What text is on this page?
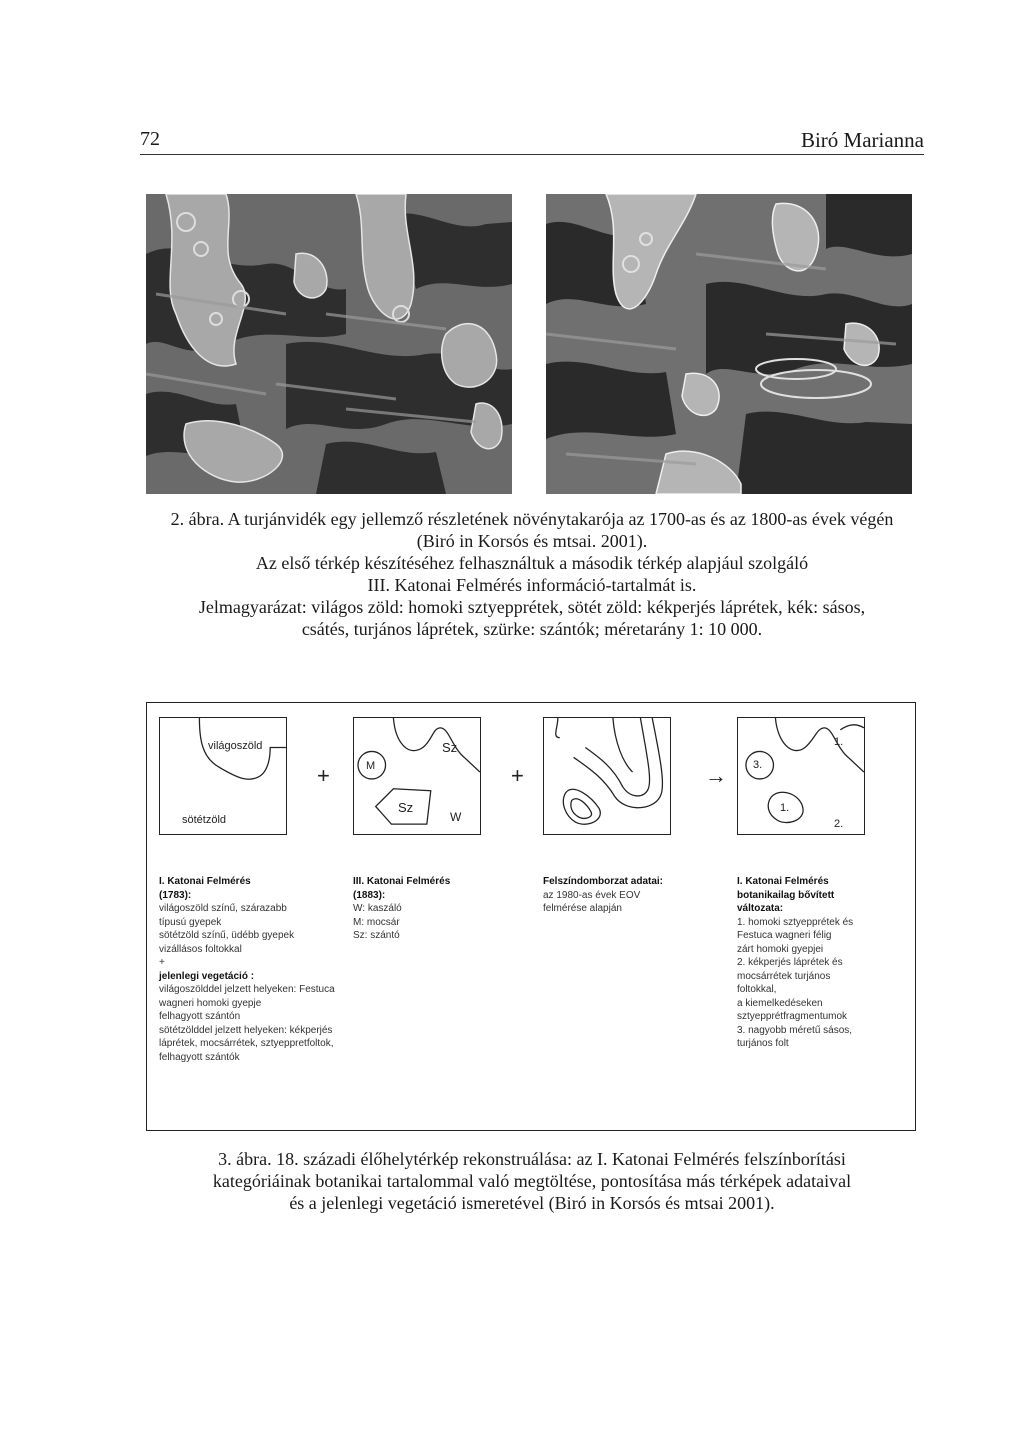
72	Biró Marianna

2. ábra. A turjánvidék egy jellemző részletének növénytakarója az 1700-as és az 1800-as évek végén

(Biró in Korsós és mtsai. 2001).

Az első térkép készítéséhez felhasználtuk a második térkép alapjául szolgáló

III. Katonai Felmérés információ-tartalmát is.

Jelmagyarázat: világos zöld: homoki sztyepprétek, sötét zöld: kékperjés láprétek, kék: sásos,

csátés, turjános láprétek, szürke: szántók; méretarány 1: 10 000.

világoszöld
sötétzöld
+	M
Sz
Sz
W
+	→ 3.
1.
1.
2.
I. Katonai Felmérés
(1783):
világoszöld színű, szárazabb
típusú gyepek
sötétzöld színű, üdébb gyepek
vizállásos foltokkal
+
jelenlegi vegetáció :
világoszölddel jelzett helyeken: Festuca
wagneri homoki gyepje
felhagyott szántón
sötétzölddel jelzett helyeken: kékperjés
láprétek, mocsárrétek, sztyeppretfoltok,
felhagyott szántók
III. Katonai Felmérés
(1883):
W: kaszáló
M: mocsár
Sz: szántó
Felszíndomborzat adatai:
az 1980-as évek EOV
felmérése alapján
I. Katonai Felmérés
botanikailag bővített
változata:
1. homoki sztyepprétek és
Festuca wagneri félig
zárt homoki gyepjei
2. kékperjés láprétek és
mocsárrétek turjános
foltokkal,
a kiemelkedéseken
sztyepprétfragmentumok
3. nagyobb méretű sásos,
turjános folt

3. ábra. 18. századi élőhelytérkép rekonstruálása: az I. Katonai Felmérés felszínborítási

kategóriáinak botanikai tartalommal való megtöltése, pontosítása más térképek adataival

és a jelenlegi vegetáció ismeretével (Biró in Korsós és mtsai 2001).
